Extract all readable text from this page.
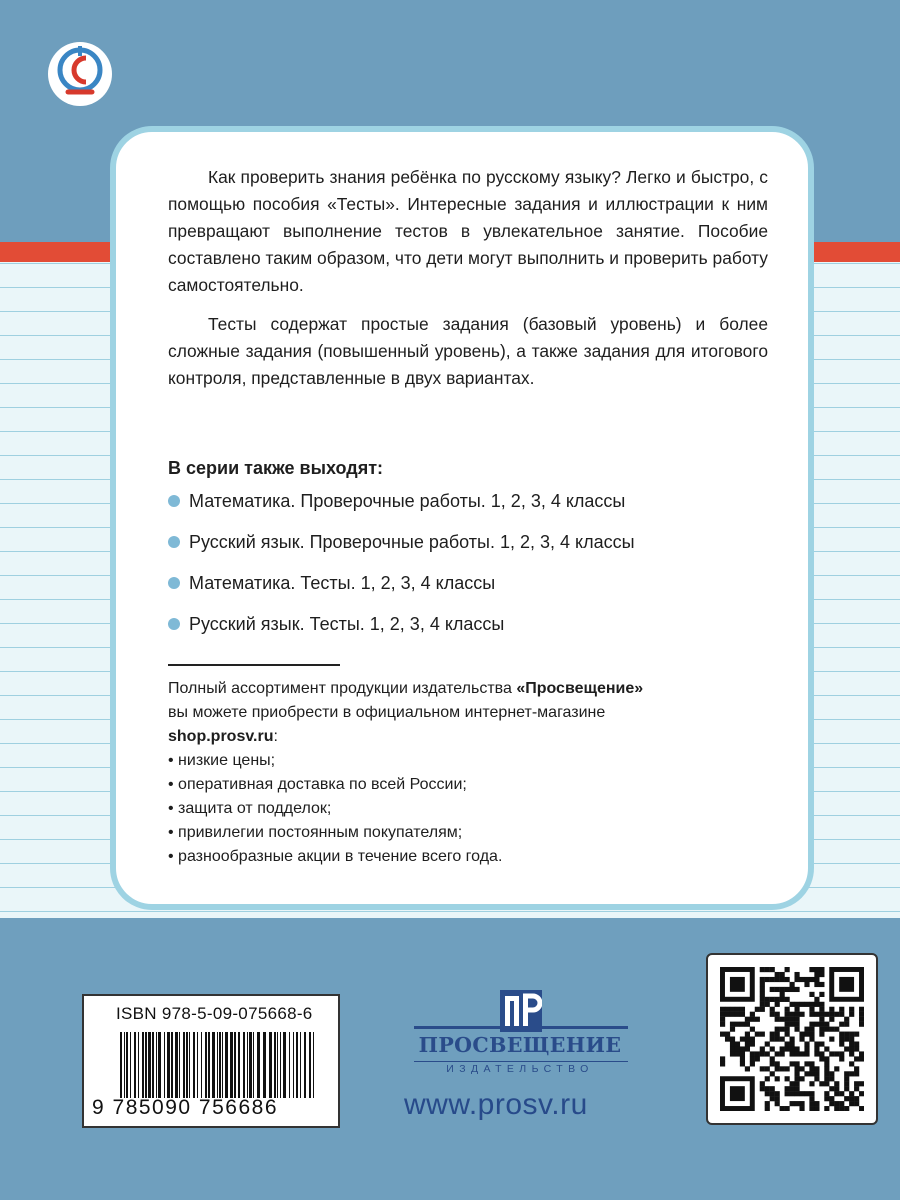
Как проверить знания ребёнка по русскому языку? Легко и быстро, с помощью пособия «Тесты». Интересные задания и иллюстрации к ним превращают выполнение тестов в увлекательное занятие. Пособие составлено таким образом, что дети могут выполнить и проверить работу самостоятельно.

Тесты содержат простые задания (базовый уровень) и более сложные задания (повышенный уровень), а также задания для итогового контроля, представленные в двух вариантах.

В серии также выходят:
Математика. Проверочные работы. 1, 2, 3, 4 классы
Русский язык. Проверочные работы. 1, 2, 3, 4 классы
Математика. Тесты. 1, 2, 3, 4 классы
Русский язык. Тесты. 1, 2, 3, 4 классы

Полный ассортимент продукции издательства «Просвещение»

вы можете приобрести в официальном интернет-магазине

shop.prosv.ru:

• низкие цены;
• оперативная доставка по всей России;
• защита от подделок;
• привилегии постоянным покупателям;
• разнообразные акции в течение всего года.
ISBN 978-5-09-075668-6
9 785090 756686
ПРОСВЕЩЕНИЕ
ИЗДАТЕЛЬСТВО
www.prosv.ru
